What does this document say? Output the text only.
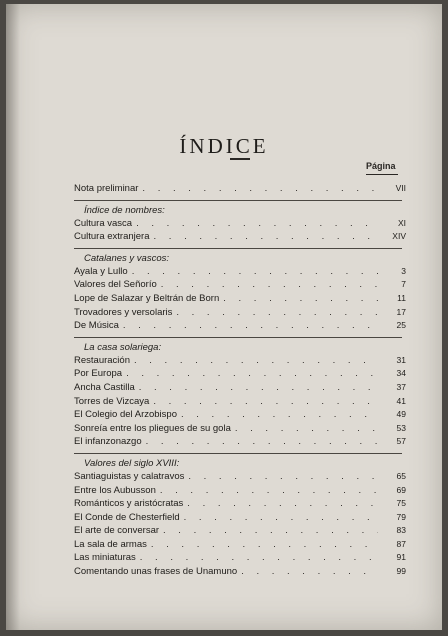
ÍNDICE
Página
Nota preliminar . . .	VII
Índice de nombres:
Cultura vasca . . .	XI
Cultura extranjera . . .	XIV
Catalanes y vascos:
Ayala y Lullo . . .	3
Valores del Señorío . . .	7
Lope de Salazar y Beltrán de Born . . .	11
Trovadores y versolaris . . .	17
De Música . . .	25
La casa solariega:
Restauración . . .	31
Por Europa . . .	34
Ancha Castilla . . .	37
Torres de Vizcaya . . .	41
El Colegio del Arzobispo . . .	49
Sonreía entre los pliegues de su gola . . .	53
El infanzonazgo . . .	57
Valores del siglo XVIII:
Santiaguistas y calatravos . . .	65
Entre los Aubusson . . .	69
Románticos y aristócratas . . .	75
El Conde de Chesterfield . . .	79
El arte de conversar . . .	83
La sala de armas . . .	87
Las miniaturas . . .	91
Comentando unas frases de Unamuno . . .	99
